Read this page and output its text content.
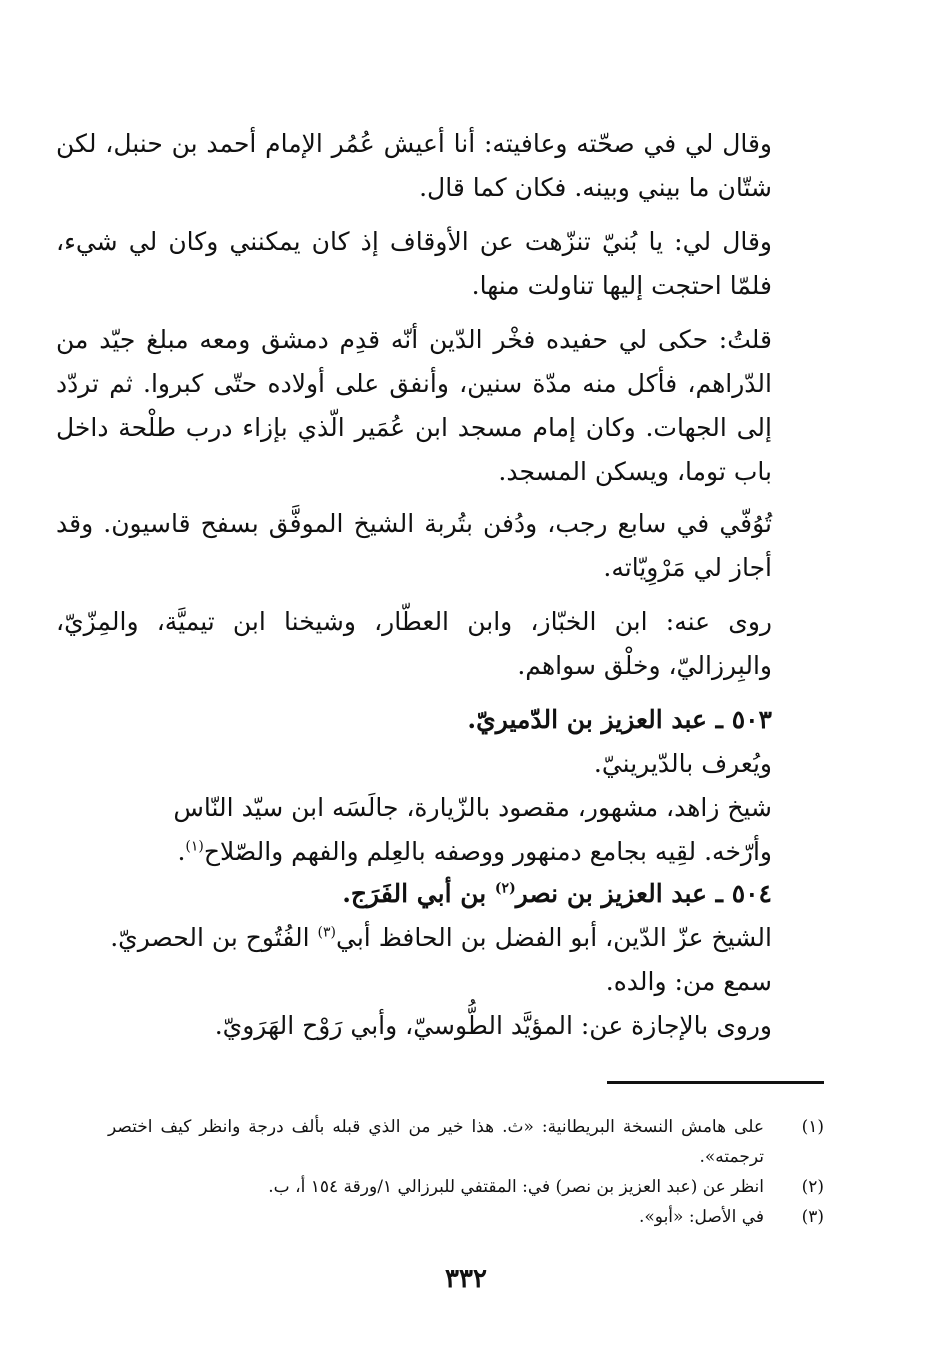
وقال لي في صحّته وعافيته: أنا أعيش عُمُر الإمام أحمد بن حنبل، لكن شتّان ما بيني وبينه. فكان كما قال.

وقال لي: يا بُنيّ تنزّهت عن الأوقاف إذ كان يمكنني وكان لي شيء، فلمّا احتجت إليها تناولت منها.

قلتُ: حكى لي حفيده فخْر الدّين أنّه قدِم دمشق ومعه مبلغ جيّد من الدّراهم، فأكل منه مدّة سنين، وأنفق على أولاده حتّى كبروا. ثم تردّد إلى الجهات. وكان إمام مسجد ابن عُمَير الّذي بإزاء درب طلْحة داخل باب توما، ويسكن المسجد.

تُوُفّي في سابع رجب، ودُفن بتُربة الشيخ الموفَّق بسفح قاسيون. وقد أجاز لي مَرْوِيّاته.

روى عنه: ابن الخبّاز، وابن العطّار، وشيخنا ابن تيميَّة، والمِزّيّ، والبِرزاليّ، وخلْق سواهم.

٥٠٣ ـ عبد العزيز بن الدّميريّ.
ويُعرف بالدّيرينيّ.
شيخ زاهد، مشهور، مقصود بالزّيارة، جالَسَه ابن سيّد النّاس وأرّخه. لقِيه بجامع دمنهور ووصفه بالعِلم والفهم والصّلاح$^{(١)}$.
٥٠٤ ـ عبد العزيز بن نصر$^{(٢)}$ بن أبي الفَرَج.
الشيخ عزّ الدّين، أبو الفضل بن الحافظ أبي$^{(٣)}$ الفُتُوح بن الحصريّ.
سمع من: والده.
وروى بالإجازة عن: المؤيَّد الطُّوسيّ، وأبي رَوْح الهَرَويّ.
(١)
على هامش النسخة البريطانية: «ث. هذا خير من الذي قبله بألف درجة وانظر كيف اختصر ترجمته».
(٢)
انظر عن (عبد العزيز بن نصر) في: المقتفي للبرزالي ١/ورقة ١٥٤ أ، ب.
(٣)
في الأصل: «أبو».
٣٣٢
